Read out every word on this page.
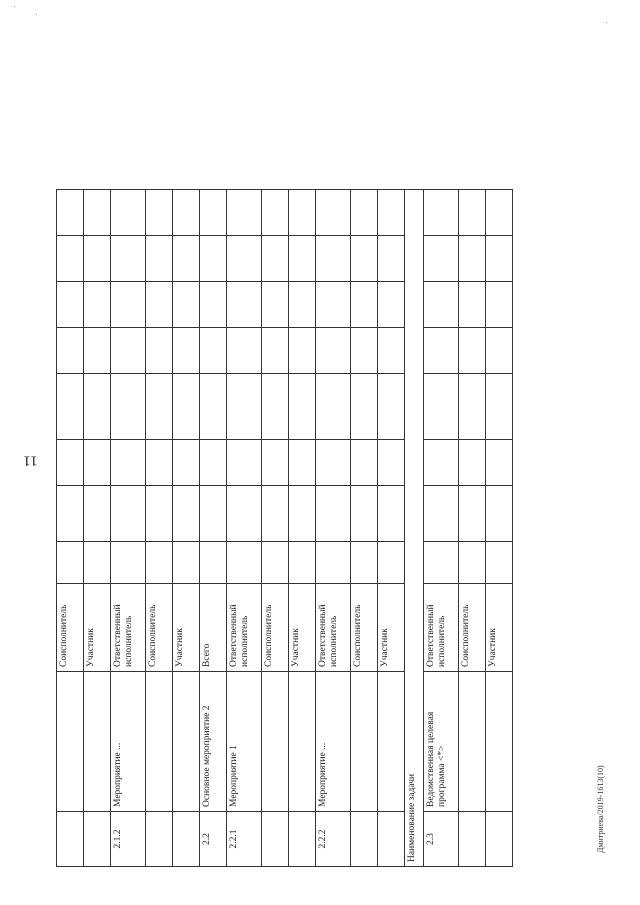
11
		Соисполнитель								
		Участник								
2.1.2	Мероприятие ...	Ответственный исполнитель								
		Соисполнитель								
		Участник								
2.2	Основное мероприятие 2	Всего								
2.2.1	Мероприятие 1	Ответственный исполнитель								
		Соисполнитель								
		Участник								
2.2.2	Мероприятие ...	Ответственный исполнитель								
		Соисполнитель								
		Участник								
Наименование задачи										
2.3	Ведомственная целевая программа <*>	Ответственный исполнитель								
		Соисполнитель								
		Участник								
Дмитриева/2019-1613(10)
